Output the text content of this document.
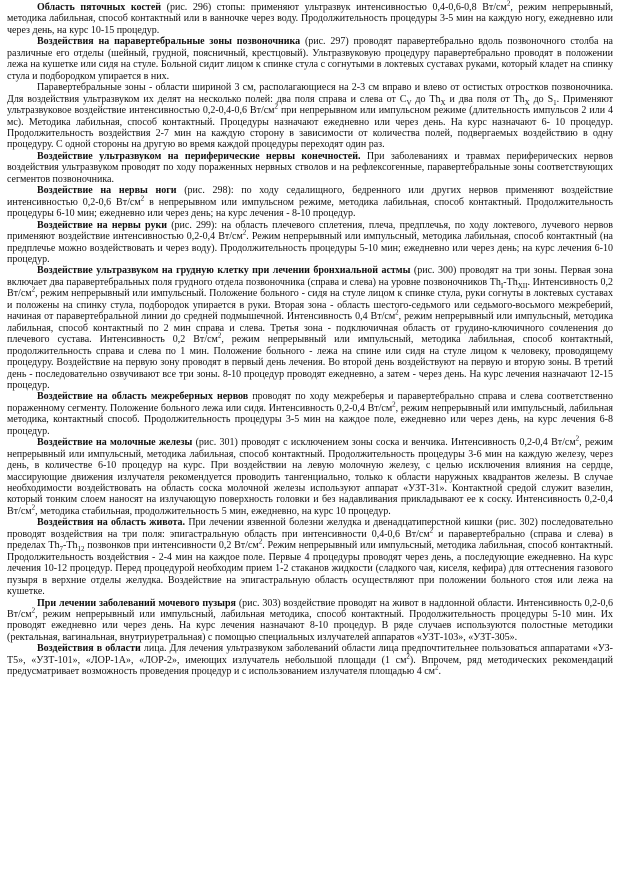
Область пяточных костей (рис. 296) стопы: применяют ультразвук интенсивностью 0,4-0,6-0,8 $Вт/см^2$, режим непрерывный, методика лабильная, способ контактный или в ванночке через воду. Продолжительность процедуры 3-5 мин на каждую ногу, ежедневно или через день, на курс 10-15 процедур.

Воздействия на паравертебральные зоны позвоночника (рис. 297) проводят паравертебрально вдоль позвоночного столба на различные его отделы (шейный, грудной, поясничный, крестцовый). Ультразвуковую процедуру паравертебрально проводят в положении лежа на кушетке или сидя на стуле. Больной сидит лицом к спинке стула с согнутыми в локтевых суставах руками, который кладет на спинку стула и подбородком упирается в них.

Паравертебральные зоны - области шириной 3 см, располагающиеся на 2-3 см вправо и влево от остистых отростков позвоночника. Для воздействия ультразвуком их делят на несколько полей: два поля справа и слева от $C_V$ до $Th_X$ и два поля от $Th_X$ до $S_1$. Применяют ультразвуковое воздействие интенсивностью 0,2-0,4-0,6 $Вт/см^2$ при непрерывном или импульсном режиме (длительность импульсов 2 или 4 мс). Методика лабильная, способ контактный. Процедуры назначают ежедневно или через день. На курс назначают 6- 10 процедур. Продолжительность воздействия 2-7 мин на каждую сторону в зависимости от количества полей, подвергаемых воздействию в одну процедуру. С одной стороны на другую во время каждой процедуры переходят один раз.

Воздействие ультразвуком на периферические нервы конечностей. При заболеваниях и травмах периферических нервов воздействия ультразвуком проводят по ходу пораженных нервных стволов и на рефлексогенные, паравертебральные зоны соответствующих сегментов позвоночника.

Воздействие на нервы ноги (рис. 298): по ходу седалищного, бедренного или других нервов применяют воздействие интенсивностью 0,2-0,6 $Вт/см^2$ в непрерывном или импульсном режиме, методика лабильная, способ контактный. Продолжительность процедуры 6-10 мин; ежедневно или через день; на курс лечения - 8-10 процедур.

Воздействие на нервы руки (рис. 299): на область плечевого сплетения, плеча, предплечья, по ходу локтевого, лучевого нервов применяют воздействие интенсивностью 0,2-0,4 $Вт/см^2$. Режим непрерывный или импульсный, методика лабильная, способ контактный (на предплечье можно воздействовать и через воду). Продолжительность процедуры 5-10 мин; ежедневно или через день; на курс лечения 6-10 процедур.

Воздействие ультразвуком на грудную клетку при лечении бронхиальной астмы (рис. 300) проводят на три зоны. Первая зона включает два паравертебральных поля грудного отдела позвоночника (справа и слева) на уровне позвоночников $Th_I-Th_{XII}$. Интенсивность 0,2 $Вт/см^2$, режим непрерывный или импульсный. Положение больного - сидя на стуле лицом к спинке стула, руки согнуты в локтевых суставах и положены на спинку стула, подбородок упирается в руки. Вторая зона - область шестого-седьмого или седьмого-восьмого межреберий, начиная от паравертебральной линии до средней подмышечной. Интенсивность 0,4 $Вт/см^2$, режим непрерывный или импульсный, методика лабильная, способ контактный по 2 мин справа и слева. Третья зона - подключичная область от грудино-ключичного сочленения до плечевого сустава. Интенсивность 0,2 $Вт/см^2$, режим непрерывный или импульсный, методика лабильная, способ контактный, продолжительность справа и слева по 1 мин. Положение больного - лежа на спине или сидя на стуле лицом к человеку, проводящему процедуру. Воздействие на первую зону проводят в первый день лечения. Во второй день воздействуют на первую и вторую зоны. В третий день - последовательно озвучивают все три зоны. 8-10 процедур проводят ежедневно, а затем - через день. На курс лечения назначают 12-15 процедур.

Воздействие на область межреберных нервов проводят по ходу межреберья и паравертебрально справа и слева соответственно пораженному сегменту. Положение больного лежа или сидя. Интенсивность 0,2-0,4 $Вт/см^2$, режим непрерывный или импульсный, лабильная методика, контактный способ. Продолжительность процедуры 3-5 мин на каждое поле, ежедневно или через день, на курс лечения 6-8 процедур.

Воздействие на молочные железы (рис. 301) проводят с исключением зоны соска и венчика. Интенсивность 0,2-0,4 $Вт/см^2$, режим непрерывный или импульсный, методика лабильная, способ контактный. Продолжительность процедуры 3-6 мин на каждую железу, через день, в количестве 6-10 процедур на курс. При воздействии на левую молочную железу, с целью исключения влияния на сердце, массирующие движения излучателя рекомендуется проводить тангенциально, только к области наружных квадрантов железы. В случае необходимости воздействовать на область соска молочной железы используют аппарат «УЗТ-31». Контактной средой служит вазелин, который тонким слоем наносят на излучающую поверхность головки и без надавливания прикладывают ее к соску. Интенсивность 0,2-0,4 $Вт/см^2$, методика стабильная, продолжительность 5 мин, ежедневно, на курс 10 процедур.

Воздействия на область живота. При лечении язвенной болезни желудка и двенадцатиперстной кишки (рис. 302) последовательно проводят воздействия на три поля: эпигастральную область при интенсивности 0,4-0,6 $Вт/см^2$ и паравертебрально (справа и слева) в пределах $Th_7-Th_{12}$ позвонков при интенсивности 0,2 $Вт/см^2$. Режим непрерывный или импульсный, методика лабильная, способ контактный. Продолжительность воздействия - 2-4 мин на каждое поле. Первые 4 процедуры проводят через день, а последующие ежедневно. На курс лечения 10-12 процедур. Перед процедурой необходим прием 1-2 стаканов жидкости (сладкого чая, киселя, кефира) для оттеснения газового пузыря в верхние отделы желудка. Воздействие на эпигастральную область осуществляют при положении больного стоя или лежа на кушетке.

При лечении заболеваний мочевого пузыря (рис. 303) воздействие проводят на живот в надлонной области. Интенсивность 0,2-0,6 $Вт/см^2$, режим непрерывный или импульсный, лабильная методика, способ контактный. Продолжительность процедуры 5-10 мин. Их проводят ежедневно или через день. На курс лечения назначают 8-10 процедур. В ряде случаев используются полостные методики (ректальная, вагинальная, внутриуретральная) с помощью специальных излучателей аппаратов «УЗТ-103», «УЗТ-305».

Воздействия в области лица. Для лечения ультразвуком заболеваний области лица предпочтительнее пользоваться аппаратами «УЗ-Т5», «УЗТ-101», «ЛОР-1А», «ЛОР-2», имеющих излучатель небольшой площади (1 $см^2$). Впрочем, ряд методических рекомендаций предусматривает возможность проведения процедур и с использованием излучателя площадью 4 $см^2$.
